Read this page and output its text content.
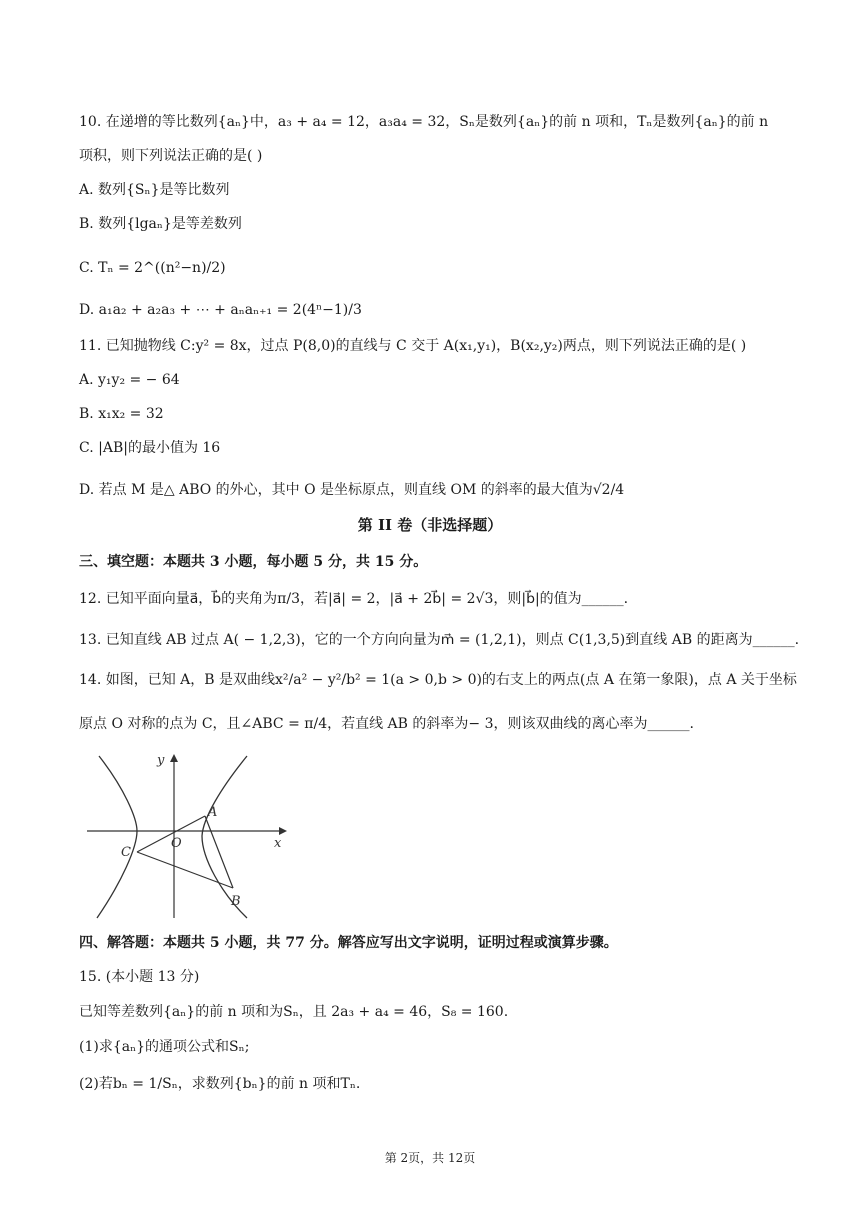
10. 在递增的等比数列{aₙ}中，a₃ + a₄ = 12，a₃a₄ = 32，Sₙ是数列{aₙ}的前 n 项和，Tₙ是数列{aₙ}的前 n
项积，则下列说法正确的是( )
A. 数列{Sₙ}是等比数列
B. 数列{lgaₙ}是等差数列
C. Tₙ = 2^((n²−n)/2)
D. a₁a₂ + a₂a₃ + ⋯ + aₙaₙ₊₁ = 2(4ⁿ−1)/3
11. 已知抛物线 C:y² = 8x，过点 P(8,0)的直线与 C 交于 A(x₁,y₁)，B(x₂,y₂)两点，则下列说法正确的是( )
A. y₁y₂ = − 64
B. x₁x₂ = 32
C. |AB|的最小值为 16
D. 若点 M 是△ ABO 的外心，其中 O 是坐标原点，则直线 OM 的斜率的最大值为√2/4
第 II 卷（非选择题）
三、填空题：本题共 3 小题，每小题 5 分，共 15 分。
12. 已知平面向量a⃗，b⃗的夹角为π/3，若|a⃗| = 2，|a⃗ + 2b⃗| = 2√3，则|b⃗|的值为______.
13. 已知直线 AB 过点 A( − 1,2,3)，它的一个方向向量为m⃗ = (1,2,1)，则点 C(1,3,5)到直线 AB 的距离为______.
14. 如图，已知 A，B 是双曲线x²/a² − y²/b² = 1(a > 0,b > 0)的右支上的两点(点 A 在第一象限)，点 A 关于坐标
原点 O 对称的点为 C，且∠ABC = π/4，若直线 AB 的斜率为− 3，则该双曲线的离心率为______.
y
x
O
A
B
C
四、解答题：本题共 5 小题，共 77 分。解答应写出文字说明，证明过程或演算步骤。
15. (本小题 13 分)
已知等差数列{aₙ}的前 n 项和为Sₙ，且 2a₃ + a₄ = 46，S₈ = 160.
(1)求{aₙ}的通项公式和Sₙ;
(2)若bₙ = 1/Sₙ，求数列{bₙ}的前 n 项和Tₙ.
第 2页，共 12页
